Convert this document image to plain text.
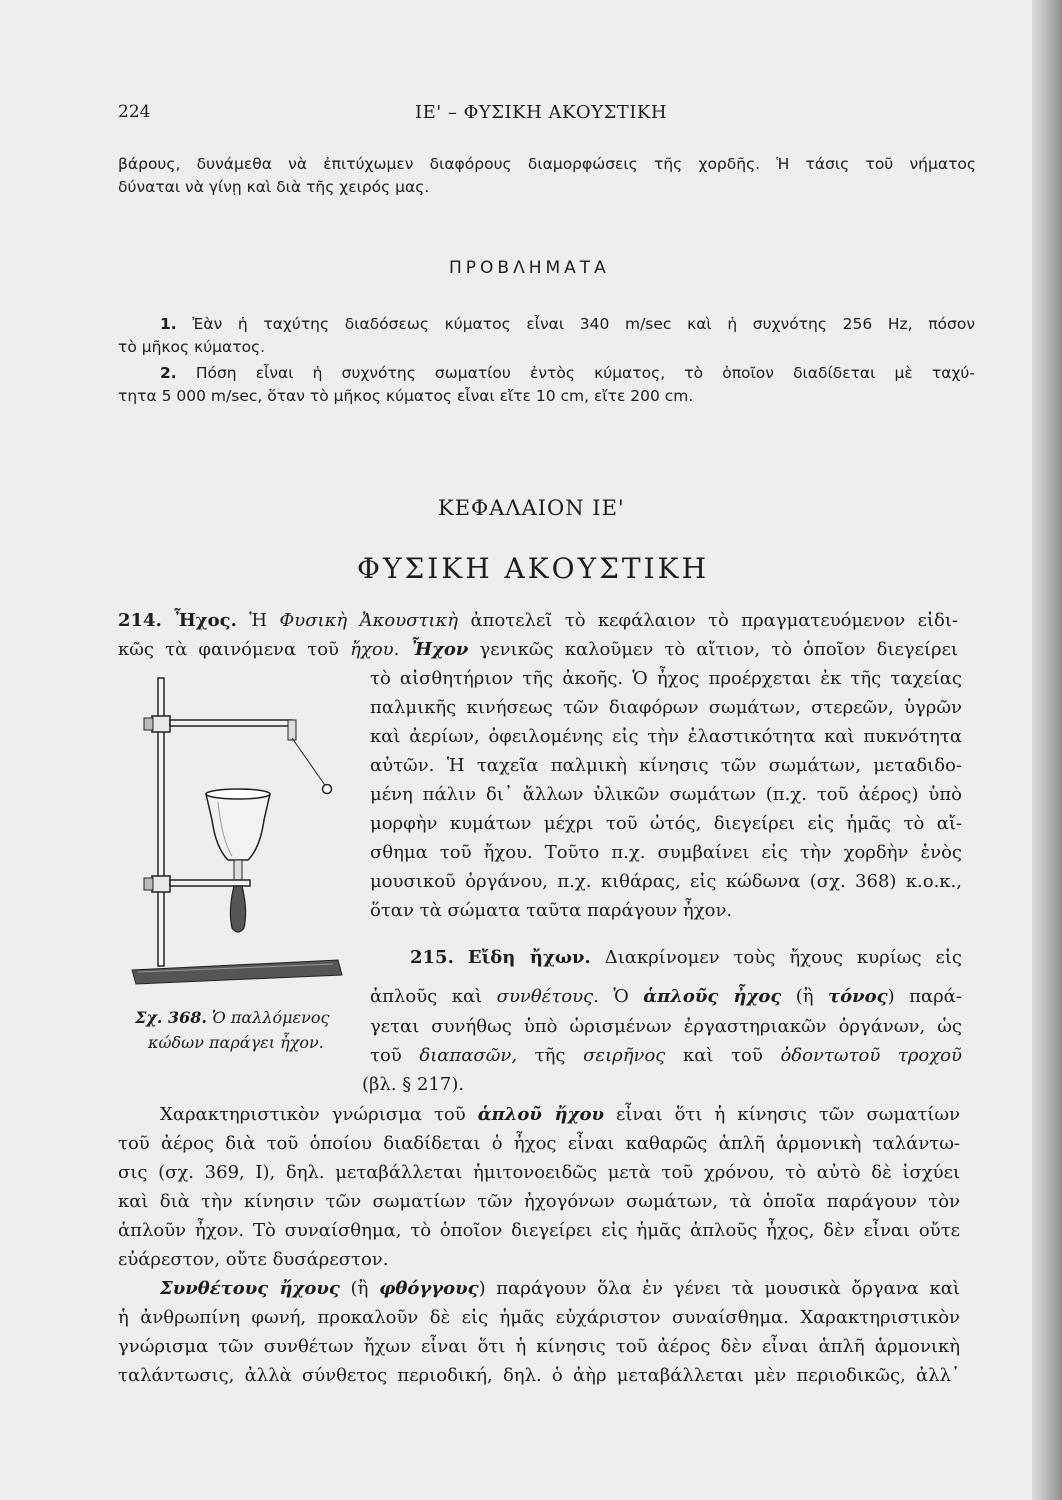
224	ΙΕ' – ΦΥΣΙΚΗ ΑΚΟΥΣΤΙΚΗ
βάρους, δυνάμεθα νὰ ἐπιτύχωμεν διαφόρους διαμορφώσεις τῆς χορδῆς. Ἡ τάσις τοῦ νήματος
δύναται νὰ γίνῃ καὶ διὰ τῆς χειρός μας.
ΠΡΟΒΛΗΜΑΤΑ
1. Ἐὰν ἡ ταχύτης διαδόσεως κύματος εἶναι 340 m/sec καὶ ἡ συχνότης 256 Hz, πόσον
τὸ μῆκος κύματος.
2. Πόση εἶναι ἡ συχνότης σωματίου ἐντὸς κύματος, τὸ ὁποῖον διαδίδεται μὲ ταχύ-
τητα 5 000 m/sec, ὅταν τὸ μῆκος κύματος εἶναι εἴτε 10 cm, εἴτε 200 cm.
ΚΕΦΑΛΑΙΟΝ ΙΕ'
ΦΥΣΙΚΗ ΑΚΟΥΣΤΙΚΗ
214. Ἦχος. Ἡ Φυσικὴ Ἀκουστικὴ ἀποτελεῖ τὸ κεφάλαιον τὸ πραγματευόμενον εἰδι-
κῶς τὰ φαινόμενα τοῦ ἤχου. Ἦχον γενικῶς καλοῦμεν τὸ αἴτιον, τὸ ὁποῖον διεγείρει
τὸ αἰσθητήριον τῆς ἀκοῆς. Ὁ ἦχος προέρχεται ἐκ τῆς ταχείας
παλμικῆς κινήσεως τῶν διαφόρων σωμάτων, στερεῶν, ὑγρῶν
καὶ ἀερίων, ὀφειλομένης εἰς τὴν ἐλαστικότητα καὶ πυκνότητα
αὐτῶν. Ἡ ταχεῖα παλμικὴ κίνησις τῶν σωμάτων, μεταδιδο-
μένη πάλιν δι᾽ ἄλλων ὑλικῶν σωμάτων (π.χ. τοῦ ἀέρος) ὑπὸ
μορφὴν κυμάτων μέχρι τοῦ ὠτός, διεγείρει εἰς ἡμᾶς τὸ αἴ-
σθημα τοῦ ἤχου. Τοῦτο π.χ. συμβαίνει εἰς τὴν χορδὴν ἑνὸς
μουσικοῦ ὀργάνου, π.χ. κιθάρας, εἰς κώδωνα (σχ. 368) κ.ο.κ.,
ὅταν τὰ σώματα ταῦτα παράγουν ἦχον.
Σχ. 368. Ὁ παλλόμενος
κώδων παράγει ἦχον.
215. Εἴδη ἤχων. Διακρίνομεν τοὺς ἤχους κυρίως εἰς
ἁπλοῦς καὶ συνθέτους. Ὁ ἁπλοῦς ἦχος (ἢ τόνος) παρά-
γεται συνήθως ὑπὸ ὡρισμένων ἐργαστηριακῶν ὀργάνων, ὡς
τοῦ διαπασῶν, τῆς σειρῆνος καὶ τοῦ ὀδοντωτοῦ τροχοῦ
(βλ. § 217).
Χαρακτηριστικὸν γνώρισμα τοῦ ἁπλοῦ ἤχου εἶναι ὅτι ἡ κίνησις τῶν σωματίων
τοῦ ἀέρος διὰ τοῦ ὁποίου διαδίδεται ὁ ἦχος εἶναι καθαρῶς ἁπλῆ ἁρμονικὴ ταλάντω-
σις (σχ. 369, I), δηλ. μεταβάλλεται ἡμιτονοειδῶς μετὰ τοῦ χρόνου, τὸ αὐτὸ δὲ ἰσχύει
καὶ διὰ τὴν κίνησιν τῶν σωματίων τῶν ἠχογόνων σωμάτων, τὰ ὁποῖα παράγουν τὸν
ἁπλοῦν ἦχον. Τὸ συναίσθημα, τὸ ὁποῖον διεγείρει εἰς ἡμᾶς ἁπλοῦς ἦχος, δὲν εἶναι οὔτε
εὐάρεστον, οὔτε δυσάρεστον.
Συνθέτους ἤχους (ἢ φθόγγους) παράγουν ὅλα ἐν γένει τὰ μουσικὰ ὄργανα καὶ
ἡ ἀνθρωπίνη φωνή, προκαλοῦν δὲ εἰς ἡμᾶς εὐχάριστον συναίσθημα. Χαρακτηριστικὸν
γνώρισμα τῶν συνθέτων ἤχων εἶναι ὅτι ἡ κίνησις τοῦ ἀέρος δὲν εἶναι ἁπλῆ ἁρμονικὴ
ταλάντωσις, ἀλλὰ σύνθετος περιοδική, δηλ. ὁ ἀὴρ μεταβάλλεται μὲν περιοδικῶς, ἀλλ᾽
